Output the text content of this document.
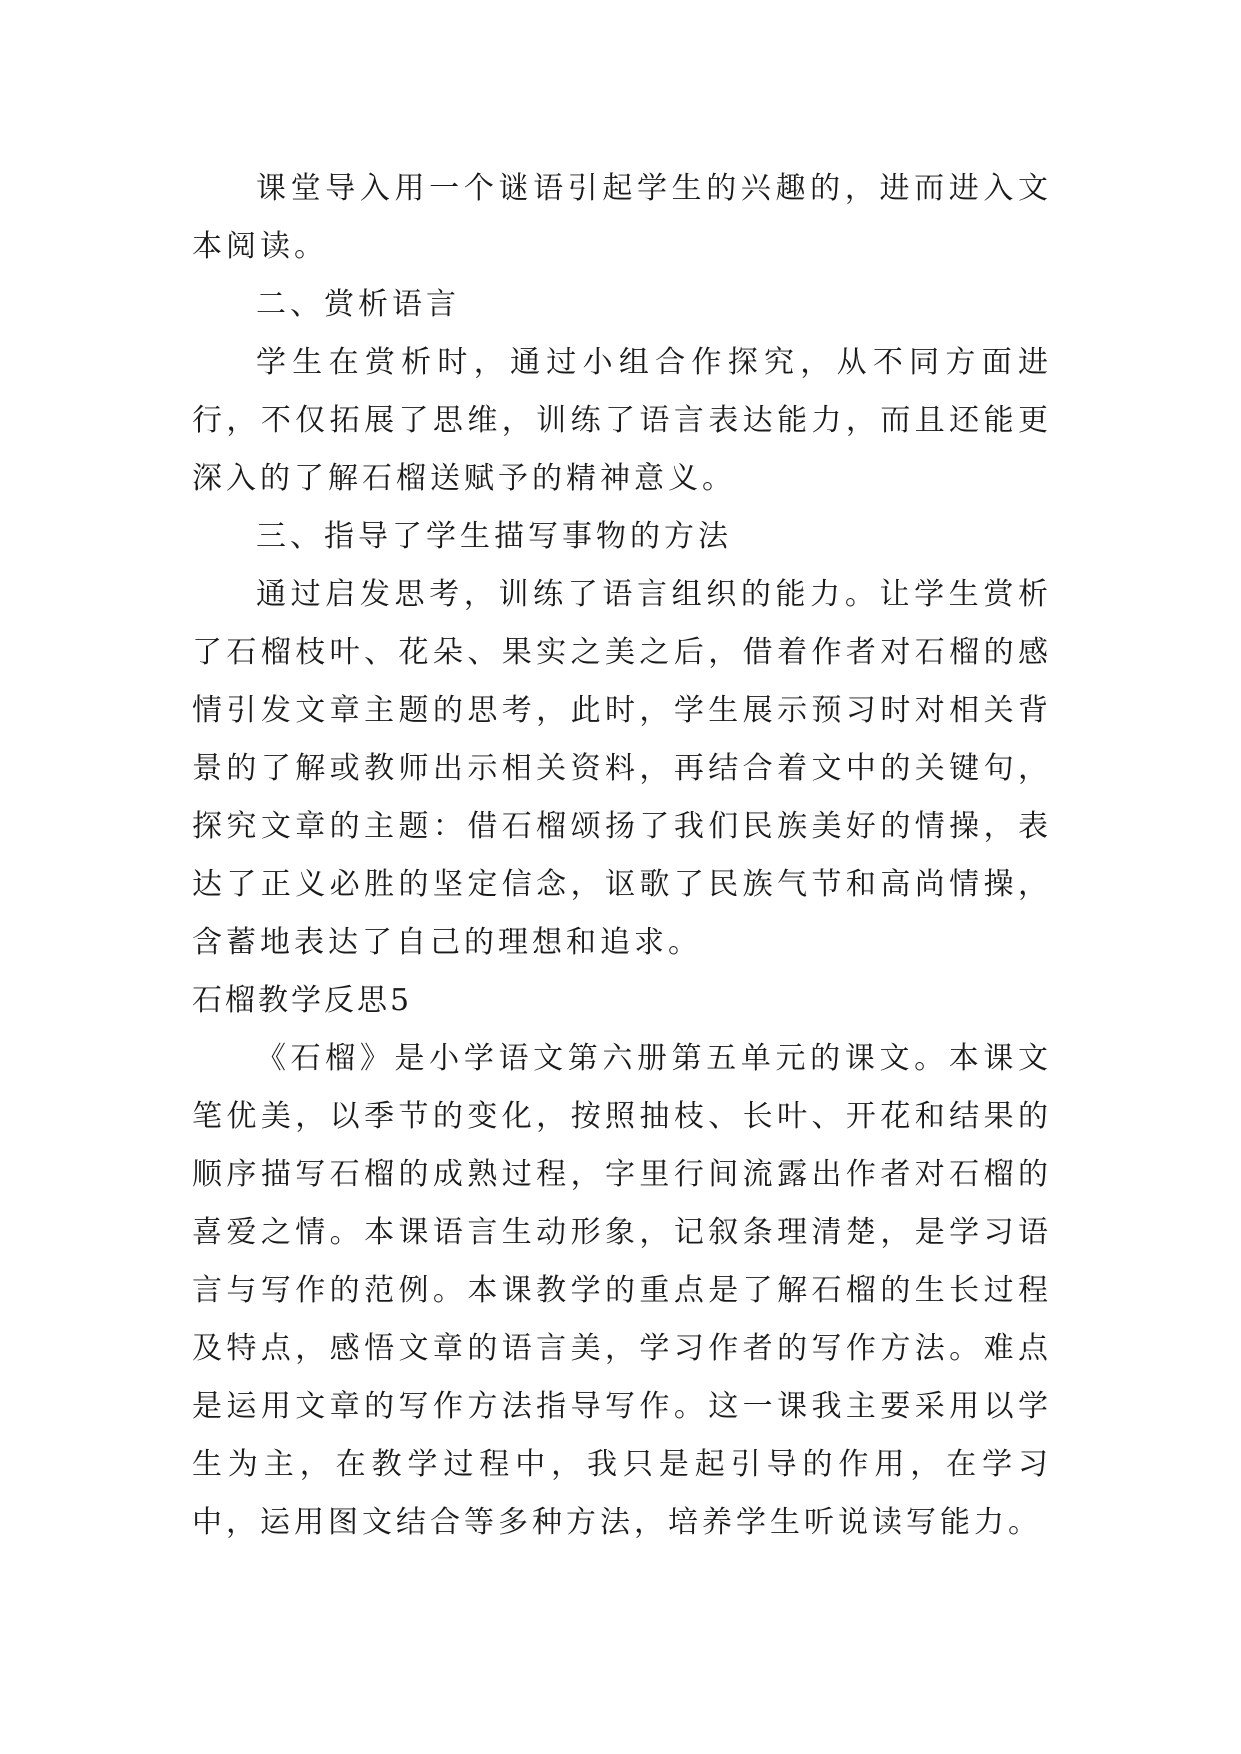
课堂导入用一个谜语引起学生的兴趣的，进而进入文本阅读。

二、赏析语言

学生在赏析时，通过小组合作探究，从不同方面进行，不仅拓展了思维，训练了语言表达能力，而且还能更深入的了解石榴送赋予的精神意义。

三、指导了学生描写事物的方法

通过启发思考，训练了语言组织的能力。让学生赏析了石榴枝叶、花朵、果实之美之后，借着作者对石榴的感情引发文章主题的思考，此时，学生展示预习时对相关背景的了解或教师出示相关资料，再结合着文中的关键句，探究文章的主题：借石榴颂扬了我们民族美好的情操，表达了正义必胜的坚定信念，讴歌了民族气节和高尚情操，含蓄地表达了自己的理想和追求。

石榴教学反思5

《石榴》是小学语文第六册第五单元的课文。本课文笔优美，以季节的变化，按照抽枝、长叶、开花和结果的顺序描写石榴的成熟过程，字里行间流露出作者对石榴的喜爱之情。本课语言生动形象，记叙条理清楚，是学习语言与写作的范例。本课教学的重点是了解石榴的生长过程及特点，感悟文章的语言美，学习作者的写作方法。难点是运用文章的写作方法指导写作。这一课我主要采用以学生为主，在教学过程中，我只是起引导的作用，在学习中，运用图文结合等多种方法，培养学生听说读写能力。
